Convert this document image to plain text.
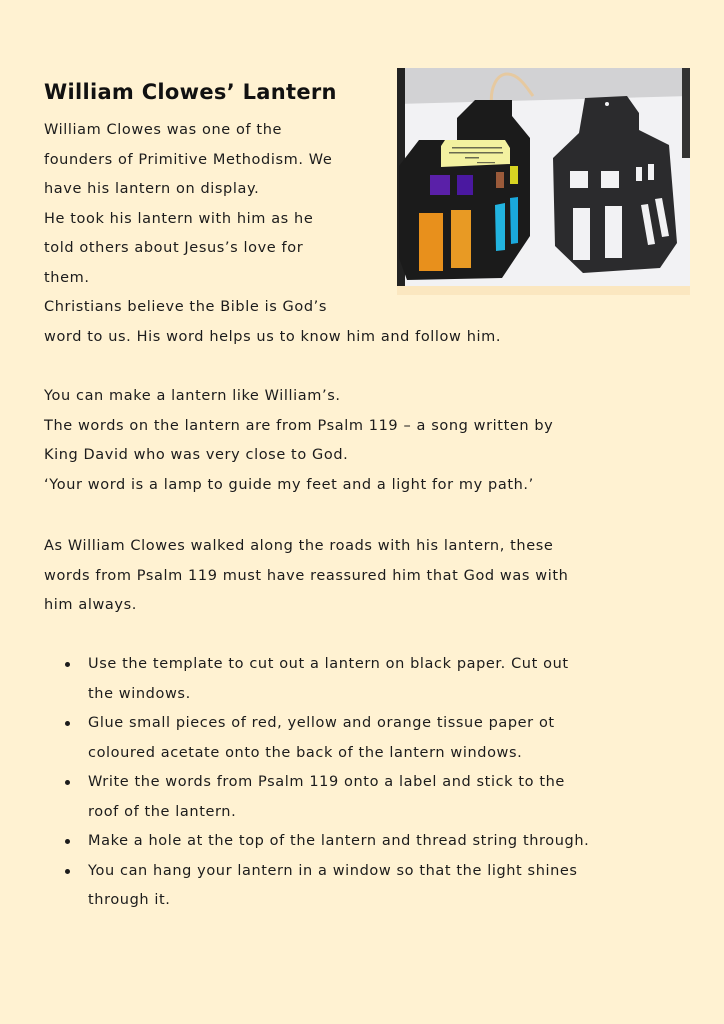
William Clowes’ Lantern
William Clowes was one of the
founders of Primitive Methodism. We
have his lantern on display.
He took his lantern with him as he
told others about Jesus’s love for
them.
Christians believe the Bible is God’s
word to us. His word helps us to know him and follow him.
You can make a lantern like William’s.
The words on the lantern are from Psalm 119 – a song written by
King David who was very close to God.
‘Your word is a lamp to guide my feet and a light for my path.’
As William Clowes walked along the roads with his lantern, these
words from Psalm 119 must have reassured him that God was with
him always.
Use the template to cut out a lantern on black paper. Cut out
the windows.
Glue small pieces of red, yellow and orange tissue paper ot
coloured acetate onto the back of the lantern windows.
Write the words from Psalm 119 onto a label and stick to the
roof of the lantern.
Make a hole at the top of the lantern and thread string through.
You can hang your lantern in a window so that the light shines
through it.
